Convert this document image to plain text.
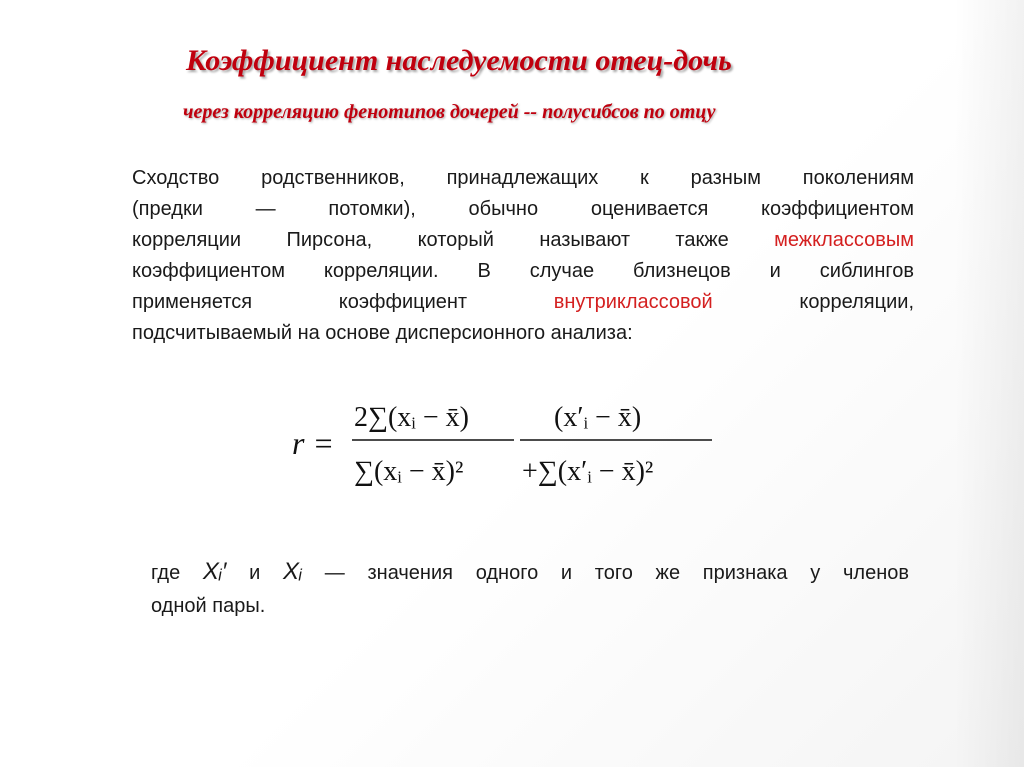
Коэффициент наследуемости отец-дочь
через корреляцию фенотипов дочерей -- полусибсов по отцу
Сходство родственников, принадлежащих к разным поколениям
(предки — потомки), обычно оценивается коэффициентом
корреляции Пирсона, который называют также межклассовым
коэффициентом корреляции. В случае близнецов и сиблингов
применяется коэффициент внутриклассовой корреляции,
подсчитываемый на основе дисперсионного анализа:
r =
2∑(xᵢ − x̄)
∑(xᵢ − x̄)²
(x′ᵢ − x̄)
+∑(x′ᵢ − x̄)²
где Xᵢ′ и Xᵢ — значения одного и того же признака у членов
одной пары.
